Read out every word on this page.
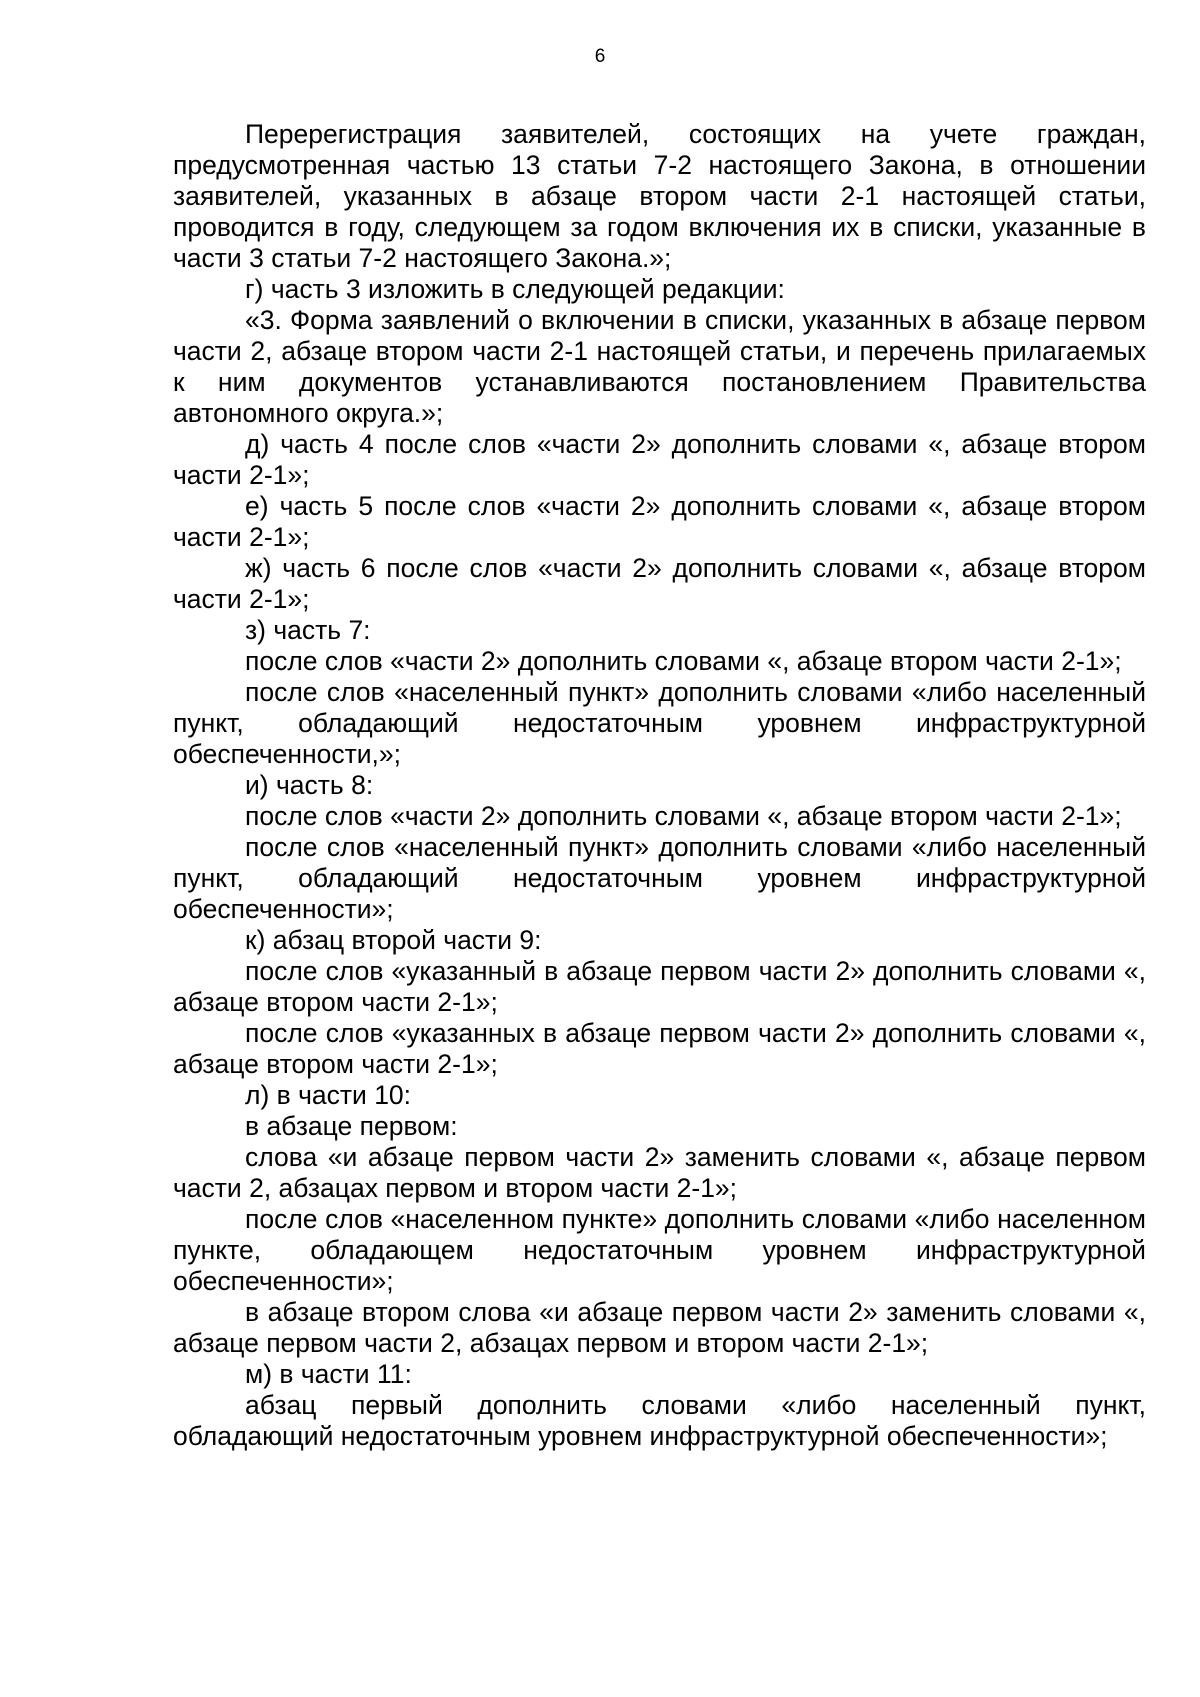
6

Перерегистрация заявителей, состоящих на учете граждан, предусмотренная частью 13 статьи 7-2 настоящего Закона, в отношении заявителей, указанных в абзаце втором части 2-1 настоящей статьи, проводится в году, следующем за годом включения их в списки, указанные в части 3 статьи 7-2 настоящего Закона.»;

г) часть 3 изложить в следующей редакции:

«3. Форма заявлений о включении в списки, указанных в абзаце первом части 2, абзаце втором части 2-1 настоящей статьи, и перечень прилагаемых к ним документов устанавливаются постановлением Правительства автономного округа.»;

д) часть 4 после слов «части 2» дополнить словами «, абзаце втором части 2-1»;

е) часть 5 после слов «части 2» дополнить словами «, абзаце втором части 2-1»;

ж) часть 6 после слов «части 2» дополнить словами «, абзаце втором части 2-1»;

з) часть 7:

после слов «части 2» дополнить словами «, абзаце втором части 2-1»;

после слов «населенный пункт» дополнить словами «либо населенный пункт, обладающий недостаточным уровнем инфраструктурной обеспеченности,»;

и) часть 8:

после слов «части 2» дополнить словами «, абзаце втором части 2-1»;

после слов «населенный пункт» дополнить словами «либо населенный пункт, обладающий недостаточным уровнем инфраструктурной обеспеченности»;

к) абзац второй части 9:

после слов «указанный в абзаце первом части 2» дополнить словами «, абзаце втором части 2-1»;

после слов «указанных в абзаце первом части 2» дополнить словами «, абзаце втором части 2-1»;

л) в части 10:

в абзаце первом:

слова «и абзаце первом части 2» заменить словами «, абзаце первом части 2, абзацах первом и втором части 2-1»;

после слов «населенном пункте» дополнить словами «либо населенном пункте, обладающем недостаточным уровнем инфраструктурной обеспеченности»;

в абзаце втором слова «и абзаце первом части 2» заменить словами «, абзаце первом части 2, абзацах первом и втором части 2-1»;

м) в части 11:

абзац первый дополнить словами «либо населенный пункт, обладающий недостаточным уровнем инфраструктурной обеспеченности»;
